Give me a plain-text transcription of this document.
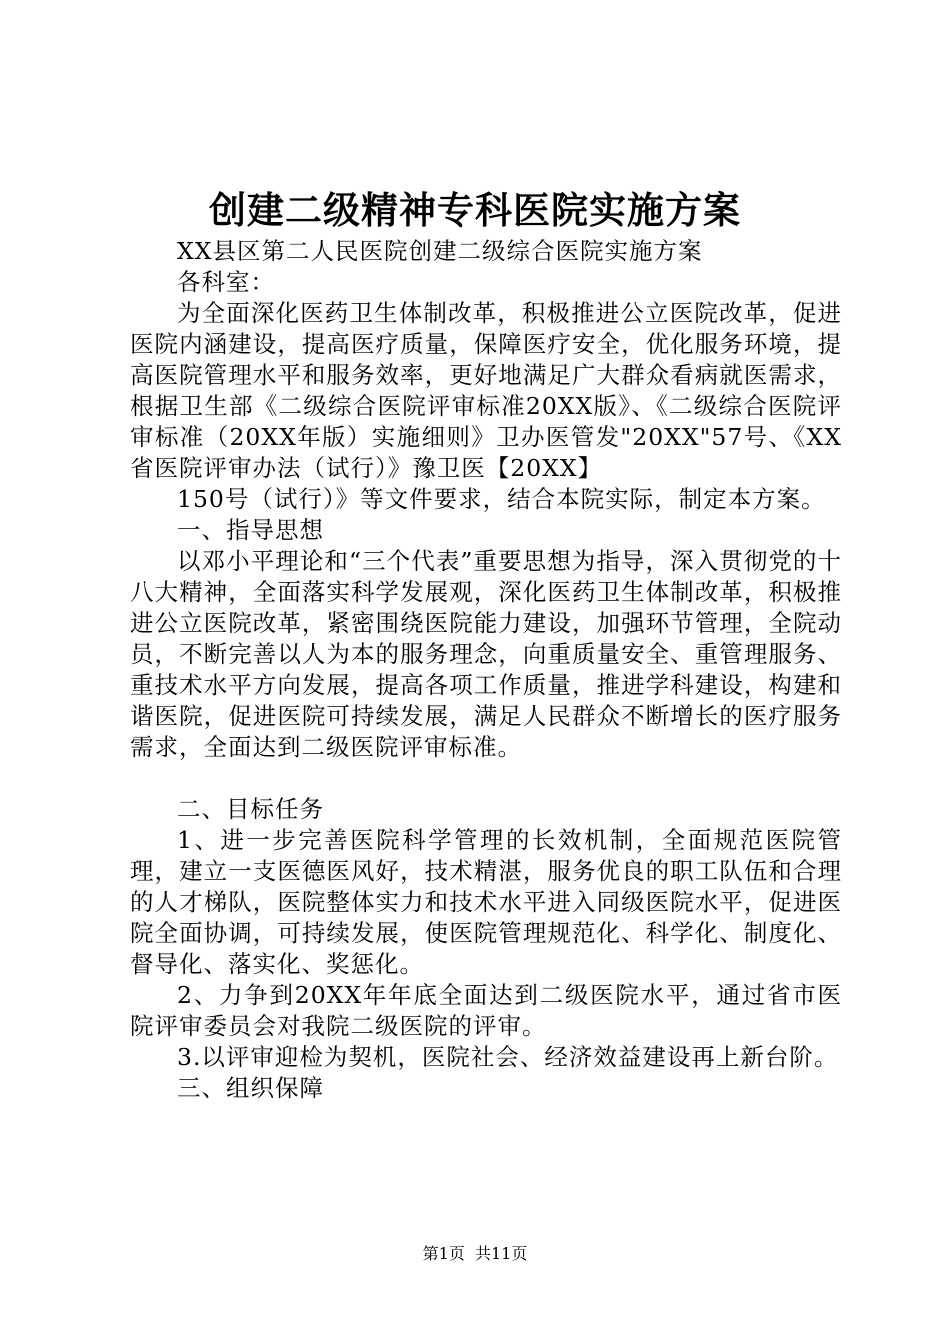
创建二级精神专科医院实施方案

XX县区第二人民医院创建二级综合医院实施方案

各科室：

为全面深化医药卫生体制改革，积极推进公立医院改革，促进医院内涵建设，提高医疗质量，保障医疗安全，优化服务环境，提高医院管理水平和服务效率，更好地满足广大群众看病就医需求，根据卫生部《二级综合医院评审标准20XX版》、《二级综合医院评审标准（20XX年版）实施细则》卫办医管发"20XX"57号、《XX省医院评审办法（试行）》豫卫医【20XX】

150号（试行）》等文件要求，结合本院实际，制定本方案。

一、指导思想

以邓小平理论和“三个代表”重要思想为指导，深入贯彻党的十八大精神，全面落实科学发展观，深化医药卫生体制改革，积极推进公立医院改革，紧密围绕医院能力建设，加强环节管理，全院动员，不断完善以人为本的服务理念，向重质量安全、重管理服务、重技术水平方向发展，提高各项工作质量，推进学科建设，构建和谐医院，促进医院可持续发展，满足人民群众不断增长的医疗服务需求，全面达到二级医院评审标准。

二、目标任务

1、进一步完善医院科学管理的长效机制，全面规范医院管理，建立一支医德医风好，技术精湛，服务优良的职工队伍和合理的人才梯队，医院整体实力和技术水平进入同级医院水平，促进医院全面协调，可持续发展，使医院管理规范化、科学化、制度化、督导化、落实化、奖惩化。

2、力争到20XX年年底全面达到二级医院水平，通过省市医院评审委员会对我院二级医院的评审。

3.以评审迎检为契机，医院社会、经济效益建设再上新台阶。

三、组织保障

第1页  共11页
